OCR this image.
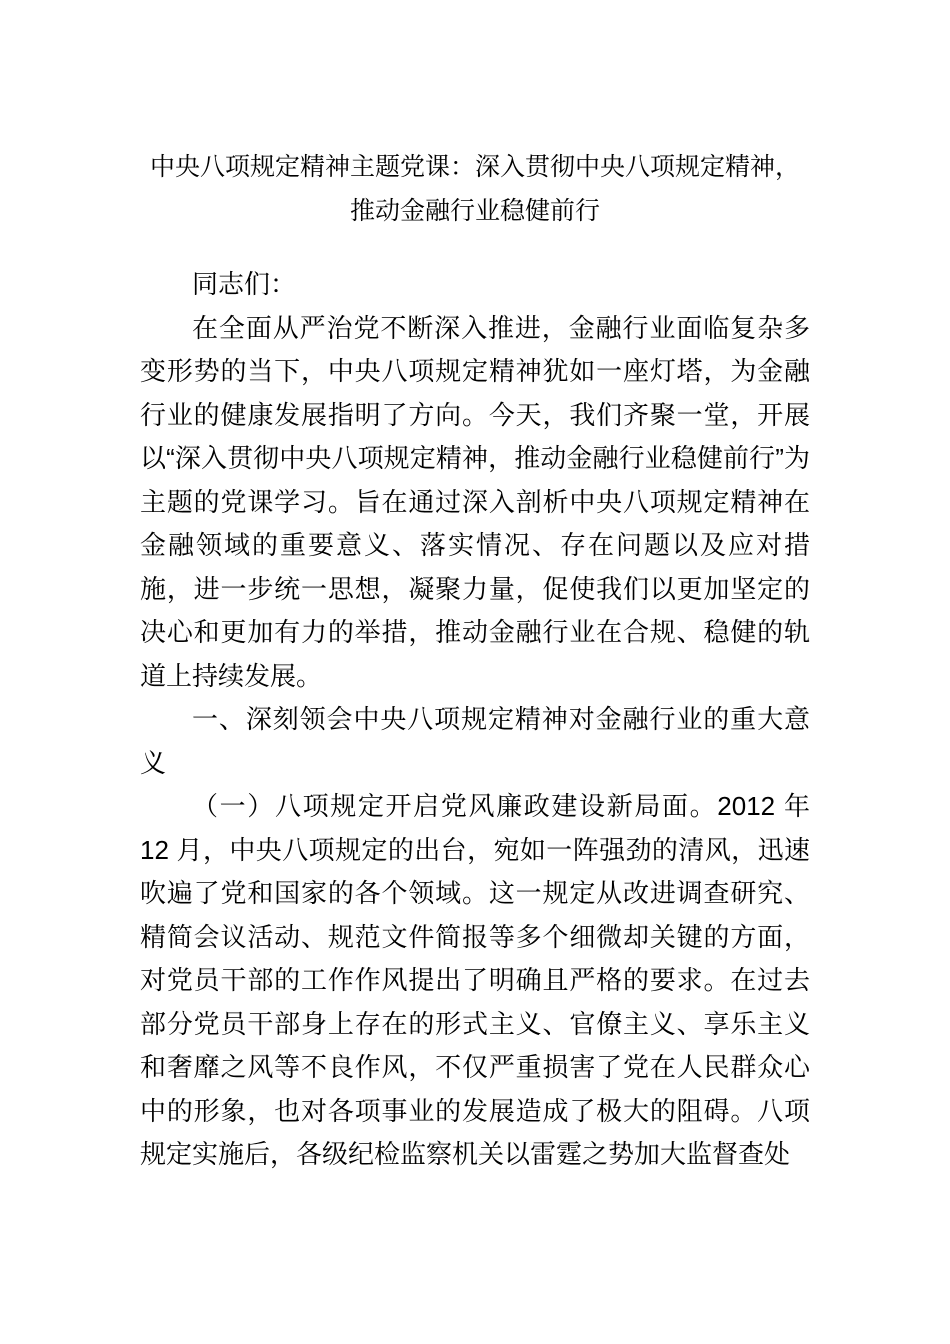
中央八项规定精神主题党课：深入贯彻中央八项规定精神，
推动金融行业稳健前行

同志们：

在全面从严治党不断深入推进，金融行业面临复杂多变形势的当下，中央八项规定精神犹如一座灯塔，为金融行业的健康发展指明了方向。今天，我们齐聚一堂，开展以“深入贯彻中央八项规定精神，推动金融行业稳健前行”为主题的党课学习。旨在通过深入剖析中央八项规定精神在金融领域的重要意义、落实情况、存在问题以及应对措施，进一步统一思想，凝聚力量，促使我们以更加坚定的决心和更加有力的举措，推动金融行业在合规、稳健的轨道上持续发展。

一、深刻领会中央八项规定精神对金融行业的重大意义

（一）八项规定开启党风廉政建设新局面。2012 年 12 月，中央八项规定的出台，宛如一阵强劲的清风，迅速吹遍了党和国家的各个领域。这一规定从改进调查研究、精简会议活动、规范文件简报等多个细微却关键的方面，对党员干部的工作作风提出了明确且严格的要求。在过去部分党员干部身上存在的形式主义、官僚主义、享乐主义和奢靡之风等不良作风，不仅严重损害了党在人民群众心中的形象，也对各项事业的发展造成了极大的阻碍。八项规定实施后，各级纪检监察机关以雷霆之势加大监督查处
